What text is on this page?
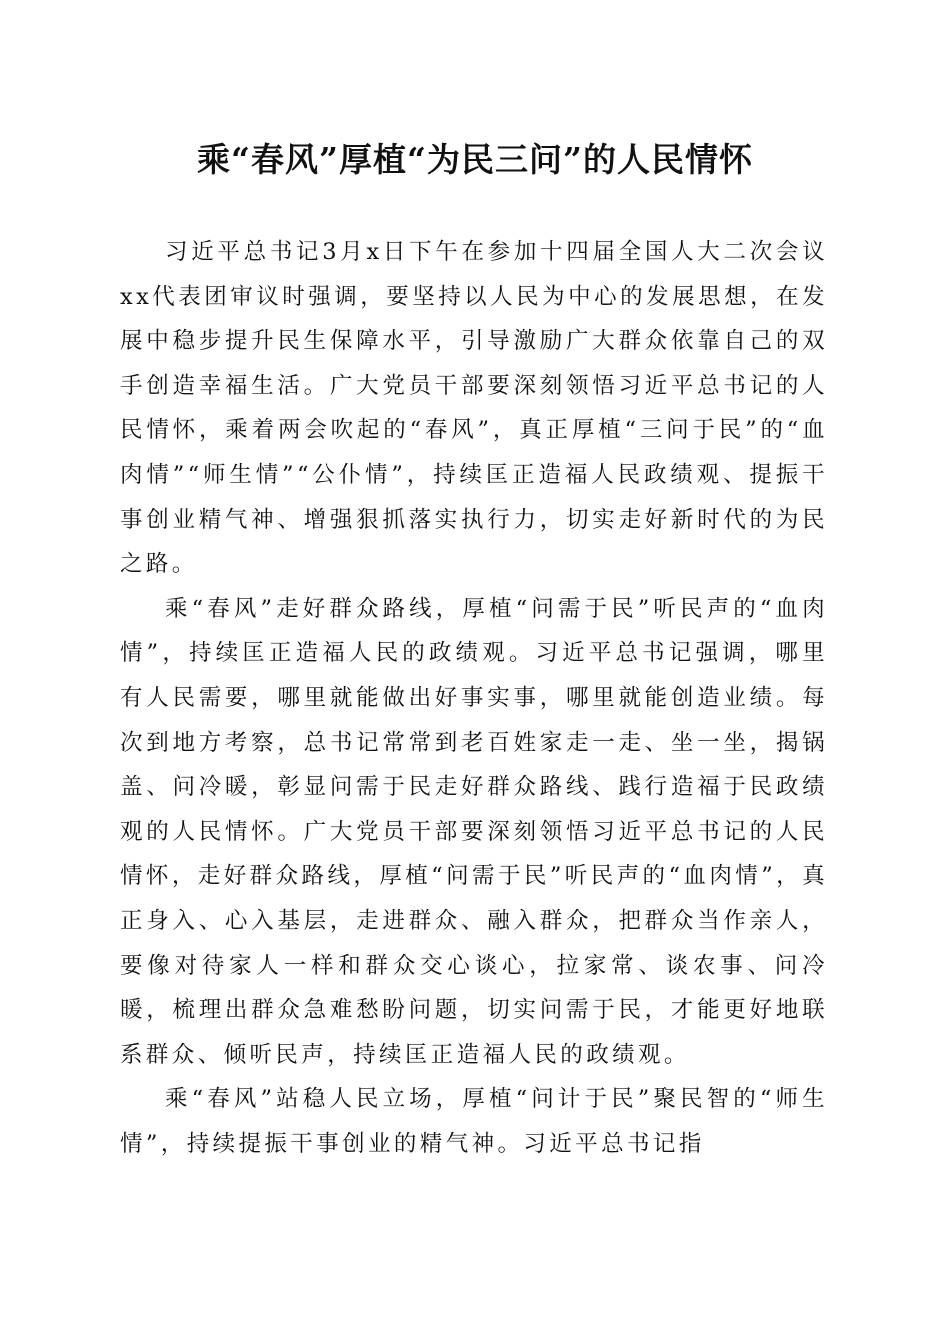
乘“春风”厚植“为民三问”的人民情怀

习近平总书记3月x日下午在参加十四届全国人大二次会议xx代表团审议时强调，要坚持以人民为中心的发展思想，在发展中稳步提升民生保障水平，引导激励广大群众依靠自己的双手创造幸福生活。广大党员干部要深刻领悟习近平总书记的人民情怀，乘着两会吹起的“春风”，真正厚植“三问于民”的“血肉情”“师生情”“公仆情”，持续匡正造福人民政绩观、提振干事创业精气神、增强狠抓落实执行力，切实走好新时代的为民之路。

乘“春风”走好群众路线，厚植“问需于民”听民声的“血肉情”，持续匡正造福人民的政绩观。习近平总书记强调，哪里有人民需要，哪里就能做出好事实事，哪里就能创造业绩。每次到地方考察，总书记常常到老百姓家走一走、坐一坐，揭锅盖、问冷暖，彰显问需于民走好群众路线、践行造福于民政绩观的人民情怀。广大党员干部要深刻领悟习近平总书记的人民情怀，走好群众路线，厚植“问需于民”听民声的“血肉情”，真正身入、心入基层，走进群众、融入群众，把群众当作亲人，要像对待家人一样和群众交心谈心，拉家常、谈农事、问冷暖，梳理出群众急难愁盼问题，切实问需于民，才能更好地联系群众、倾听民声，持续匡正造福人民的政绩观。

乘“春风”站稳人民立场，厚植“问计于民”聚民智的“师生情”，持续提振干事创业的精气神。习近平总书记指
